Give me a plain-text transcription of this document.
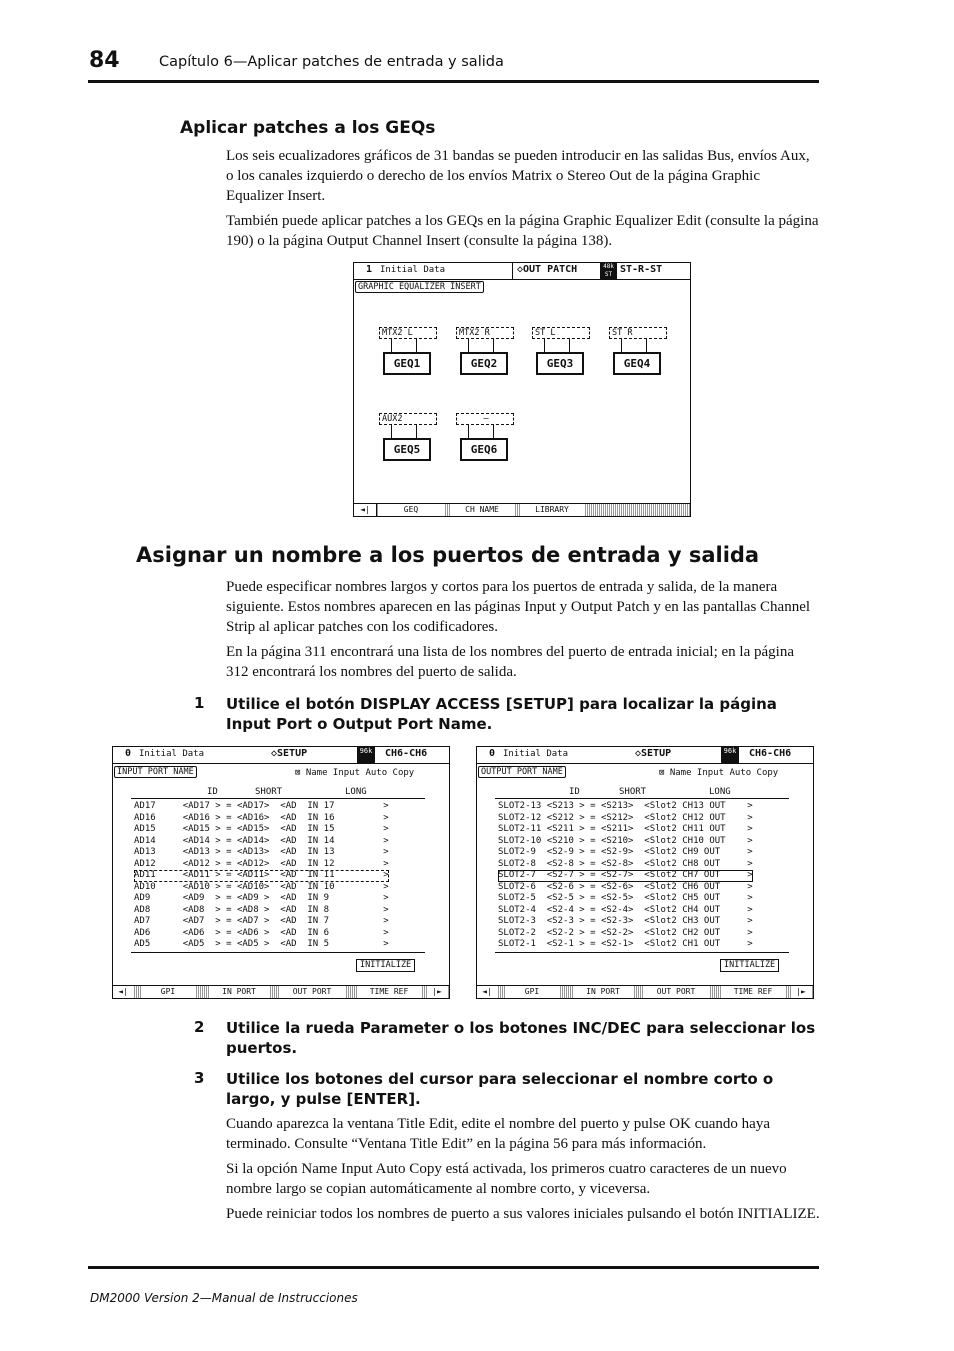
84	Capítulo 6—Aplicar patches de entrada y salida
Aplicar patches a los GEQs
Los seis ecualizadores gráficos de 31 bandas se pueden introducir en las salidas Bus, envíos Aux, o los canales izquierdo o derecho de los envíos Matrix o Stereo Out de la página Graphic Equalizer Insert.
También puede aplicar patches a los GEQs en la página Graphic Equalizer Edit (consulte la página 190) o la página Output Channel Insert (consulte la página 138).
1 Initial Data	◇OUT PATCH	48k ST ST-R-ST
GRAPHIC EQUALIZER INSERT
MTX2 L
GEQ1
MTX2 R
GEQ2
ST L
GEQ3
ST R
GEQ4
AUX2
GEQ5
–
GEQ6
◄|	GEQ	CH NAME	LIBRARY
Asignar un nombre a los puertos de entrada y salida
Puede especificar nombres largos y cortos para los puertos de entrada y salida, de la manera siguiente. Estos nombres aparecen en las páginas Input y Output Patch y en las pantallas Channel Strip al aplicar patches con los codificadores.
En la página 311 encontrará una lista de los nombres del puerto de entrada inicial; en la página 312 encontrará los nombres del puerto de salida.
1 Utilice el botón DISPLAY ACCESS [SETUP] para localizar la página Input Port o Output Port Name.
0 Initial Data	◇SETUP	96k CH6-CH6
INPUT PORT NAME	⊠ Name Input Auto Copy
ID	SHORT	LONG
AD17     <AD17 > = <AD17>  <AD  IN 17         >
AD16     <AD16 > = <AD16>  <AD  IN 16         >
AD15     <AD15 > = <AD15>  <AD  IN 15         >
AD14     <AD14 > = <AD14>  <AD  IN 14         >
AD13     <AD13 > = <AD13>  <AD  IN 13         >
AD12     <AD12 > = <AD12>  <AD  IN 12         >
AD11     <AD11 > = <AD11>  <AD  IN 11         >
AD10     <AD10 > = <AD10>  <AD  IN 10         >
AD9      <AD9  > = <AD9 >  <AD  IN 9          >
AD8      <AD8  > = <AD8 >  <AD  IN 8          >
AD7      <AD7  > = <AD7 >  <AD  IN 7          >
AD6      <AD6  > = <AD6 >  <AD  IN 6          >
AD5      <AD5  > = <AD5 >  <AD  IN 5          >
INITIALIZE
◄|	GPI	IN PORT	OUT PORT	TIME REF	|►
0 Initial Data	◇SETUP	96k CH6-CH6
OUTPUT PORT NAME	⊠ Name Input Auto Copy
ID	SHORT	LONG
SLOT2-13 <S213 > = <S213>  <Slot2 CH13 OUT    >
SLOT2-12 <S212 > = <S212>  <Slot2 CH12 OUT    >
SLOT2-11 <S211 > = <S211>  <Slot2 CH11 OUT    >
SLOT2-10 <S210 > = <S210>  <Slot2 CH10 OUT    >
SLOT2-9  <S2-9 > = <S2-9>  <Slot2 CH9 OUT     >
SLOT2-8  <S2-8 > = <S2-8>  <Slot2 CH8 OUT     >
SLOT2-7  <S2-7 > = <S2-7>  <Slot2 CH7 OUT     >
SLOT2-6  <S2-6 > = <S2-6>  <Slot2 CH6 OUT     >
SLOT2-5  <S2-5 > = <S2-5>  <Slot2 CH5 OUT     >
SLOT2-4  <S2-4 > = <S2-4>  <Slot2 CH4 OUT     >
SLOT2-3  <S2-3 > = <S2-3>  <Slot2 CH3 OUT     >
SLOT2-2  <S2-2 > = <S2-2>  <Slot2 CH2 OUT     >
SLOT2-1  <S2-1 > = <S2-1>  <Slot2 CH1 OUT     >
INITIALIZE
◄|	GPI	IN PORT	OUT PORT	TIME REF	|►
2 Utilice la rueda Parameter o los botones INC/DEC para seleccionar los puertos.
3 Utilice los botones del cursor para seleccionar el nombre corto o largo, y pulse [ENTER].
Cuando aparezca la ventana Title Edit, edite el nombre del puerto y pulse OK cuando haya terminado. Consulte “Ventana Title Edit” en la página 56 para más información.
Si la opción Name Input Auto Copy está activada, los primeros cuatro caracteres de un nuevo nombre largo se copian automáticamente al nombre corto, y viceversa.
Puede reiniciar todos los nombres de puerto a sus valores iniciales pulsando el botón INITIALIZE.
DM2000 Version 2—Manual de Instrucciones
